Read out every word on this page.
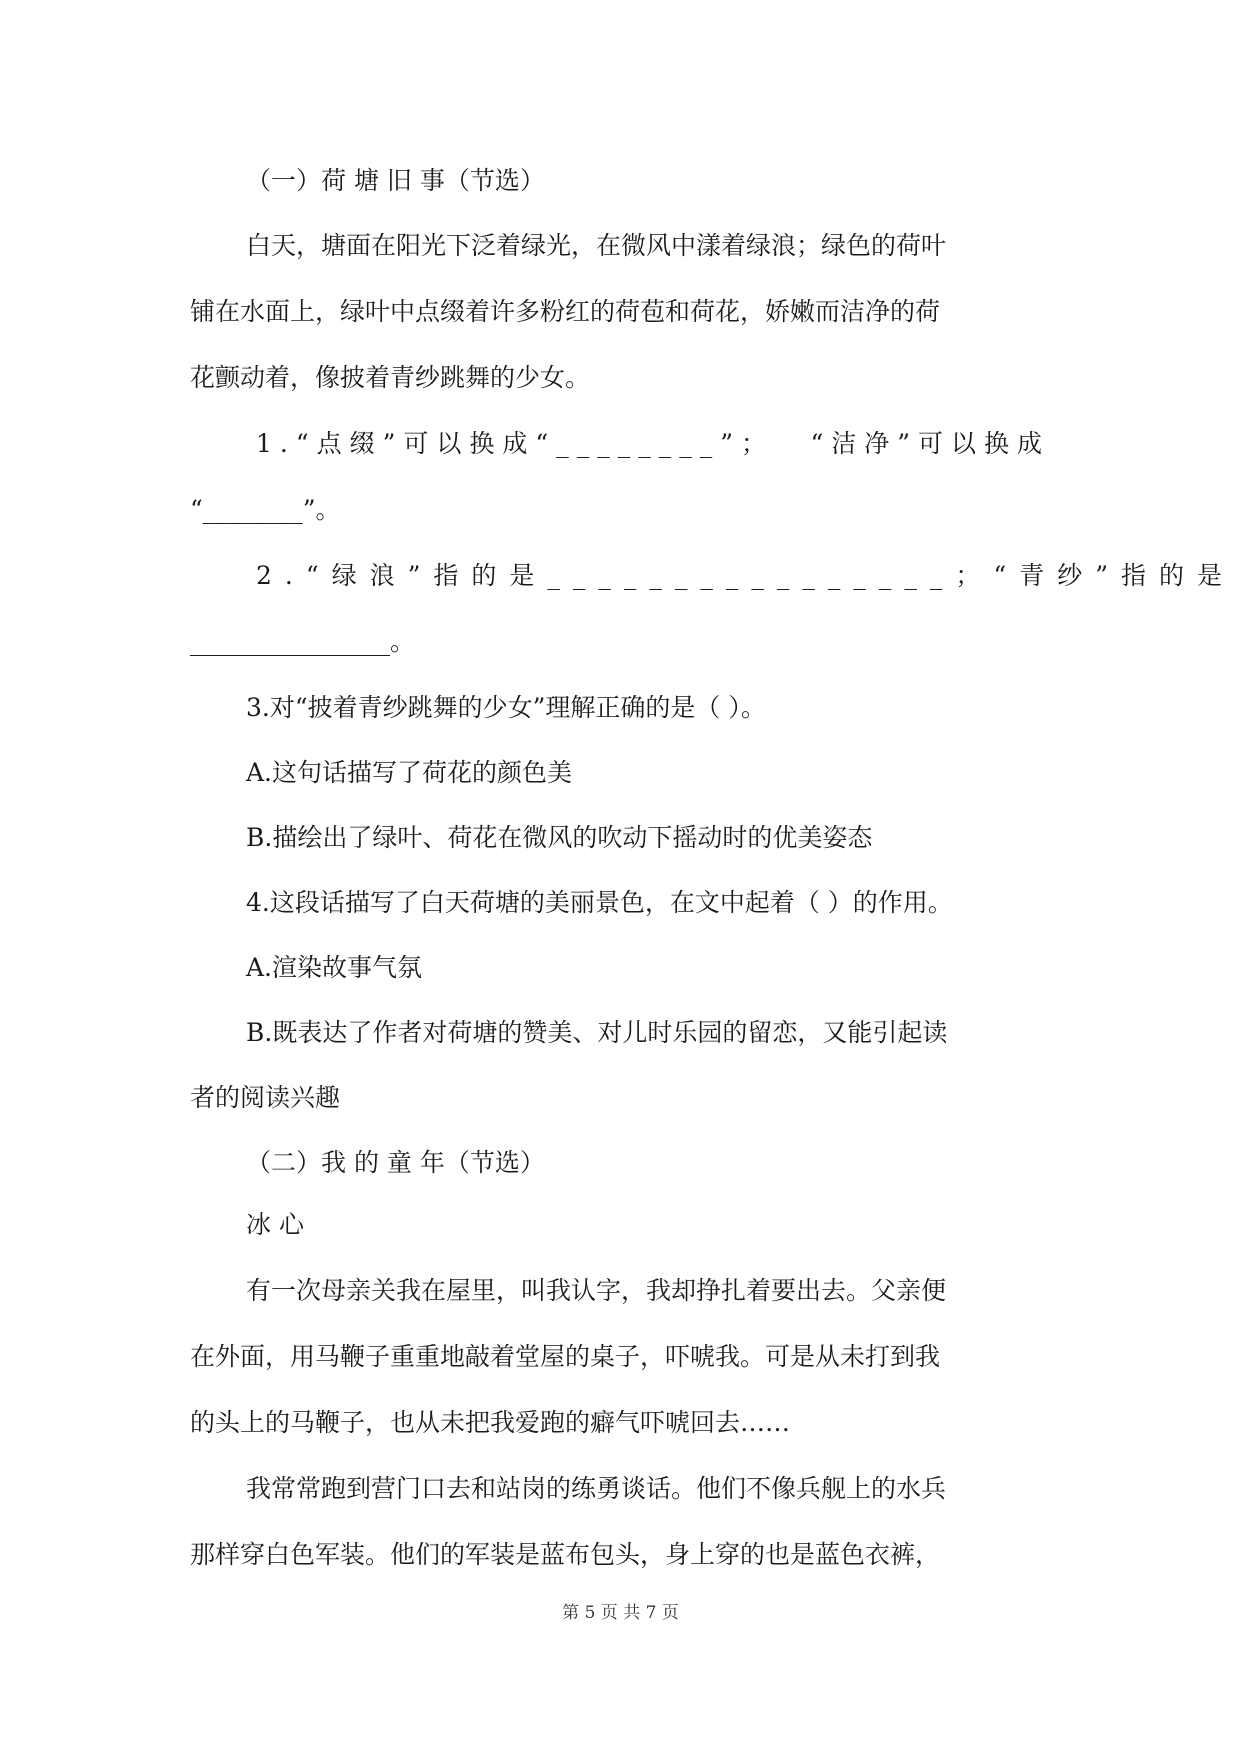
（一）荷 塘 旧 事（节选）
白天，塘面在阳光下泛着绿光，在微风中漾着绿浪；绿色的荷叶
铺在水面上，绿叶中点缀着许多粉红的荷苞和荷花，娇嫩而洁净的荷
花颤动着，像披着青纱跳舞的少女。
1.“点缀”可以换成“________”； “洁净”可以换成
“________”。
2.“绿浪”指的是________________； “青纱”指的是
________________。
3.对“披着青纱跳舞的少女”理解正确的是（ ）。
A.这句话描写了荷花的颜色美
B.描绘出了绿叶、荷花在微风的吹动下摇动时的优美姿态
4.这段话描写了白天荷塘的美丽景色，在文中起着（ ）的作用。
A.渲染故事气氛
B.既表达了作者对荷塘的赞美、对儿时乐园的留恋，又能引起读
者的阅读兴趣
（二）我 的 童 年（节选）
冰 心
有一次母亲关我在屋里，叫我认字，我却挣扎着要出去。父亲便
在外面，用马鞭子重重地敲着堂屋的桌子，吓唬我。可是从未打到我
的头上的马鞭子，也从未把我爱跑的癖气吓唬回去……
我常常跑到营门口去和站岗的练勇谈话。他们不像兵舰上的水兵
那样穿白色军装。他们的军装是蓝布包头，身上穿的也是蓝色衣裤，
第 5 页 共 7 页
